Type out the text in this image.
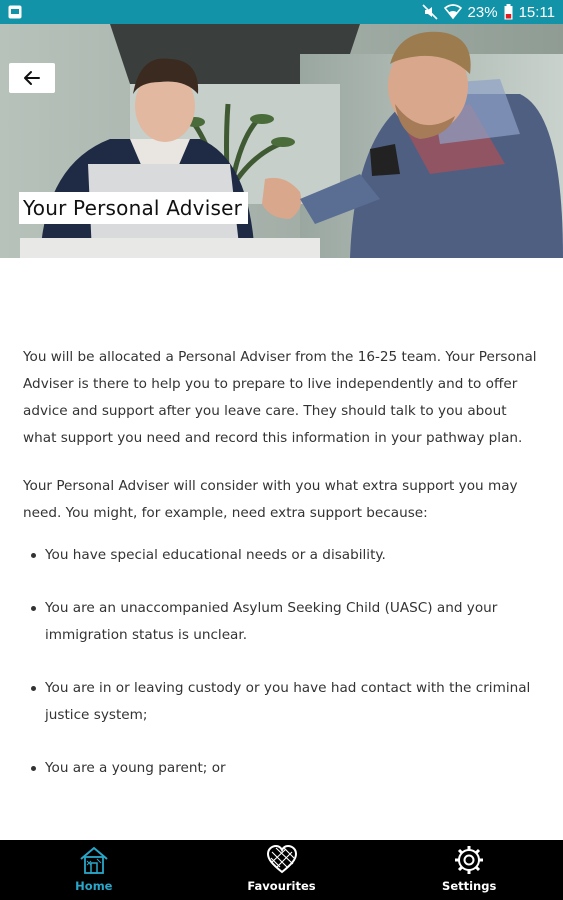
23% 15:11
Your Personal Adviser

You will be allocated a Personal Adviser from the 16-25 team. Your Personal Adviser is there to help you to prepare to live independently and to offer advice and support after you leave care. They should talk to you about what support you need and record this information in your pathway plan.

Your Personal Adviser will consider with you what extra support you may need. You might, for example, need extra support because:

You have special educational needs or a disability.
You are an unaccompanied Asylum Seeking Child (UASC) and your immigration status is unclear.
You are in or leaving custody or you have had contact with the criminal justice system;
You are a young parent; or
Home	Favourites	Settings
